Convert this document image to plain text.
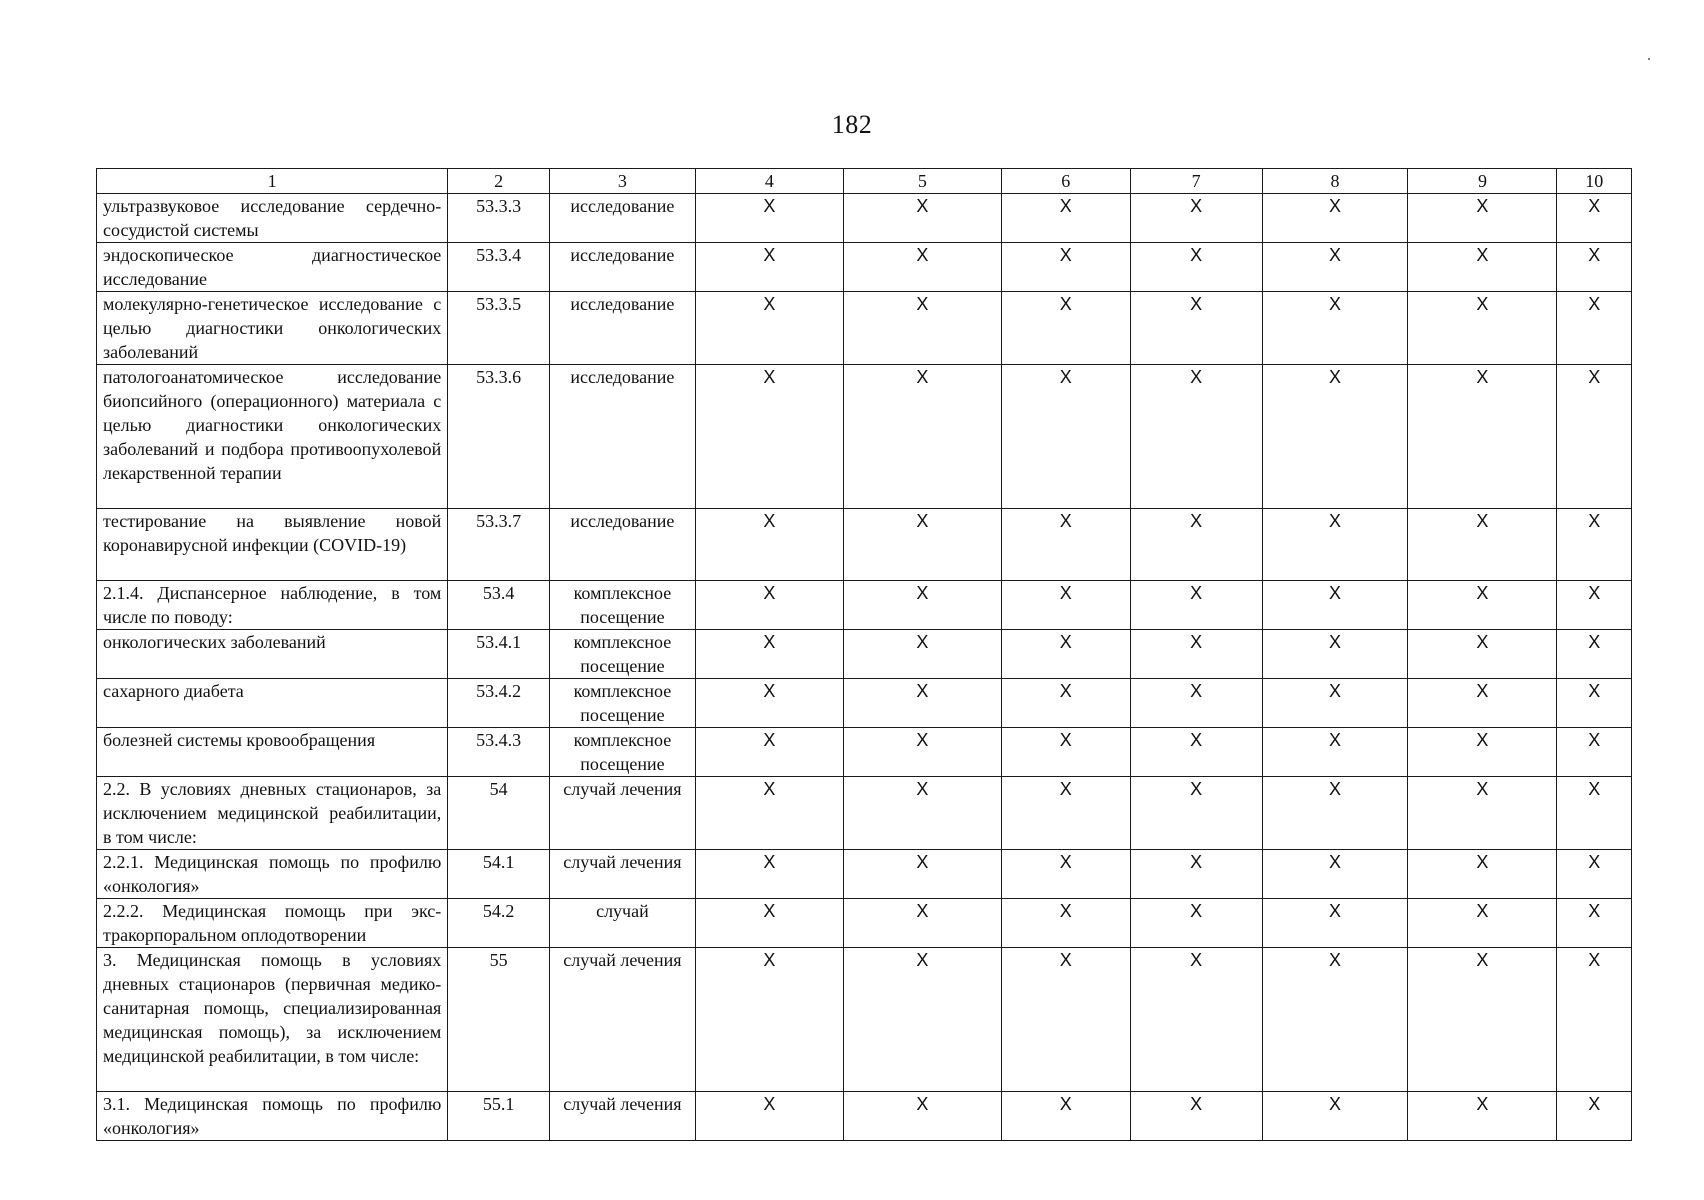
182
1	2	3	4	5	6	7	8	9	10
ультразвуковое исследование сердечно-сосудистой системы	53.3.3	исследование	X	X	X	X	X	X	X
эндоскопическое диагностическое исследование	53.3.4	исследование	X	X	X	X	X	X	X
молекулярно-генетическое исследование с целью диагностики онкологических заболеваний	53.3.5	исследование	X	X	X	X	X	X	X
патологоанатомическое исследование биопсийного (операционного) материала с целью диагностики онкологических заболеваний и подбора противоопухолевой лекарственной терапии	53.3.6	исследование	X	X	X	X	X	X	X
тестирование на выявление новой коронавирусной инфекции (COVID-19)	53.3.7	исследование	X	X	X	X	X	X	X
2.1.4. Диспансерное наблюдение, в том числе по поводу:	53.4	комплексное посещение	X	X	X	X	X	X	X
онкологических заболеваний	53.4.1	комплексное посещение	X	X	X	X	X	X	X
сахарного диабета	53.4.2	комплексное посещение	X	X	X	X	X	X	X
болезней системы кровообращения	53.4.3	комплексное посещение	X	X	X	X	X	X	X
2.2. В условиях дневных стационаров, за исключением медицинской реабилитации, в том числе:	54	случай лечения	X	X	X	X	X	X	X
2.2.1. Медицинская помощь по профилю «онкология»	54.1	случай лечения	X	X	X	X	X	X	X
2.2.2. Медицинская помощь при экстракорпоральном оплодотворении	54.2	случай	X	X	X	X	X	X	X
3. Медицинская помощь в условиях дневных стационаров (первичная медико-санитарная помощь, специализированная медицинская помощь), за исключением медицинской реабилитации, в том числе:	55	случай лечения	X	X	X	X	X	X	X
3.1. Медицинская помощь по профилю «онкология»	55.1	случай лечения	X	X	X	X	X	X	X
